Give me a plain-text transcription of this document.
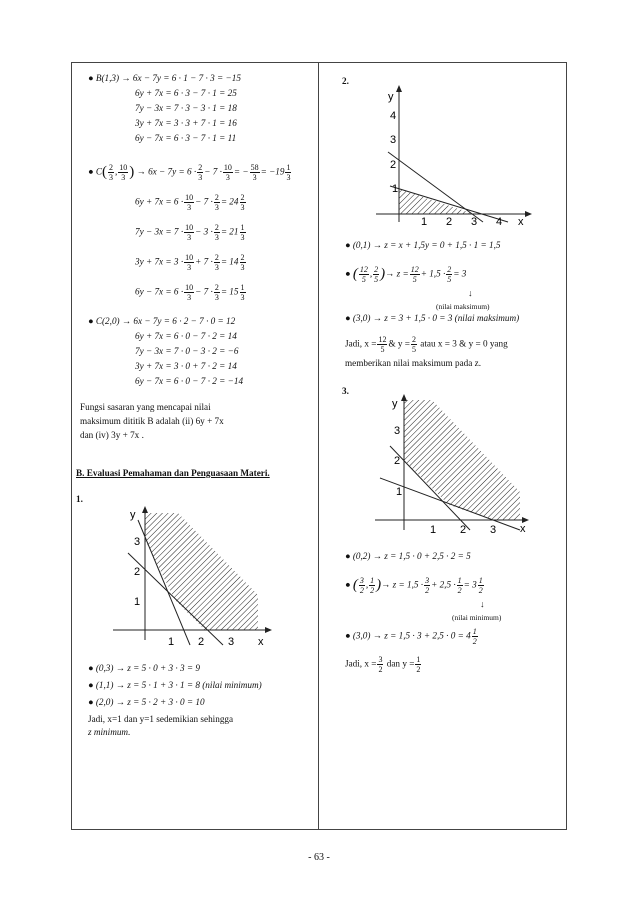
● B(1,3) → 6x − 7y = 6 · 1 − 7 · 3 = −15
6y + 7x = 6 · 3 − 7 · 1 = 25
7y − 3x = 7 · 3 − 3 · 1 = 18
3y + 7x = 3 · 3 + 7 · 1 = 16
6y − 7x = 6 · 3 − 7 · 1 = 11
● $C( \frac{2}{3}$ , $\frac{10}{3}$ ) → $6x - 7y = 6 \cdot \frac{2}{3} - 7 \cdot \frac{10}{3}$ = − $\frac{58}{3} = -19 \frac{1}{3}$
$6y + 7x = 6 \cdot \frac{10}{3} - 7 \cdot \frac{2}{3} = 24 \frac{2}{3}$
$7y - 3x = 7 \cdot \frac{10}{3} - 3 \cdot \frac{2}{3} = 21 \frac{1}{3}$
$3y + 7x = 3 \cdot \frac{10}{3} + 7 \cdot \frac{2}{3} = 14 \frac{2}{3}$
$6y - 7x = 6 \cdot \frac{10}{3} - 7 \cdot \frac{2}{3} = 15 \frac{1}{3}$
● C(2,0) → 6x − 7y = 6 · 2 − 7 · 0 = 12
6y + 7x = 6 · 0 − 7 · 2 = 14
7y − 3x = 7 · 0 − 3 · 2 = −6
3y + 7x = 3 · 0 + 7 · 2 = 14
6y − 7x = 6 · 0 − 7 · 2 = −14
Fungsi sasaran yang mencapai nilai
maksimum dititik B adalah (ii) 6y + 7x
dan (iv) 3y + 7x .
B. Evaluasi Pemahaman dan Penguasaan Materi.
1.
y
x
1 2 3
1
2
3
● (0,3) → z = 5 · 0 + 3 · 3 = 9
● (1,1) → z = 5 · 1 + 3 · 1 = 8 (nilai minimum)
● (2,0) → z = 5 · 2 + 3 · 0 = 10
Jadi, x=1 dan y=1 sedemikian sehingga
z minimum.
2.
y
x
1 2 3 4
1
2
3
4
● (0,1) → z = x + 1,5y = 0 + 1,5 · 1 = 1,5
● ( $\frac{12}{5}$ , $\frac{2}{5}$ )→ $z = \frac{12}{5} + 1,5 \cdot \frac{2}{5} = 3$
↓
(nilai maksimum)
● (3,0) → z = 3 + 1,5 · 0 = 3 (nilai maksimum)
Jadi, $x = \frac{12}{5}$ & $y = \frac{2}{5}$ atau x = 3 & y = 0 yang
memberikan nilai maksimum pada z.
3.
y
x
1 2 3
1
2
3
● (0,2) → z = 1,5 · 0 + 2,5 · 2 = 5
● ( $\frac{3}{2}$ , $\frac{1}{2}$ )→ $z = 1,5 \cdot \frac{3}{2} + 2,5 \cdot \frac{1}{2} = 3 \frac{1}{2}$
↓
(nilai minimum)
● $(3,0) \to z = 1,5 \cdot 3 + 2,5 \cdot 0 = 4 \frac{1}{2}$
Jadi, $x = \frac{3}{2}$ dan $y = \frac{1}{2}$
- 63 -
